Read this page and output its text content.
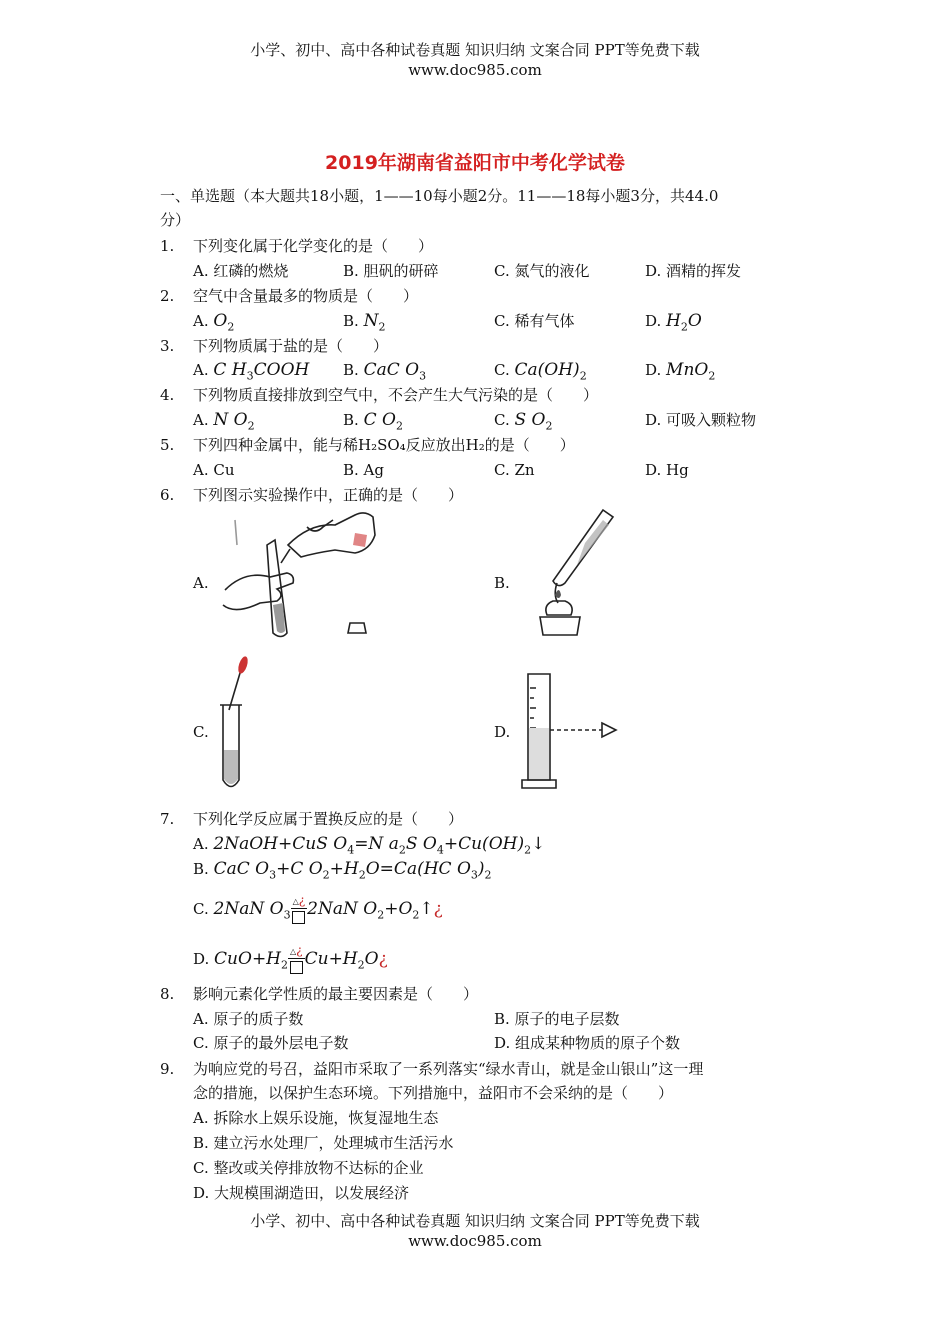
小学、初中、高中各种试卷真题 知识归纳 文案合同 PPT等免费下载
www.doc985.com
2019年湖南省益阳市中考化学试卷
一、单选题（本大题共18小题，1——10每小题2分。11——18每小题3分，共44.0
分）
1. 下列变化属于化学变化的是（　　）
A. 红磷的燃烧	B. 胆矾的研碎	C. 氮气的液化	D. 酒精的挥发
2. 空气中含量最多的物质是（　　）
A. $O_2$	B. $N_2$	C. 稀有气体	D. $H_2O$
3. 下列物质属于盐的是（　　）
A. C $H_3COOH$ B. CaC $O_3$	C. $Ca(OH)_2$	D. MnO$_2$
4. 下列物质直接排放到空气中，不会产生大气污染的是（　　）
A. N $O_2$	B. C $O_2$	C. S $O_2$	D. 可吸入颗粒物
5. 下列四种金属中，能与稀H₂SO₄反应放出H₂的是（　　）
A. Cu	B. Ag	C. Zn	D. Hg
6. 下列图示实验操作中，正确的是（　　）
A.	B.
C.	D.
7. 下列化学反应属于置换反应的是（　　）
A. 2NaOH+CuS $O_4=N$ $a_2S$ $O_4+Cu(OH)_2↓$
B. CaC $O_3+C$ $O_2+H_2O=Ca(HC$ $O_3)_2$
C. 2NaN $O_3$
△¿ 2NaN $O_2+O_2↑¿$
D. $CuO+H_2$
△¿ $Cu+H_2O¿$
8. 影响元素化学性质的最主要因素是（　　）
A. 原子的质子数	B. 原子的电子层数
C. 原子的最外层电子数	D. 组成某种物质的原子个数
9. 为响应党的号召，益阳市采取了一系列落实“绿水青山，就是金山银山”这一理
念的措施，以保护生态环境。下列措施中，益阳市不会采纳的是（　　）
A. 拆除水上娱乐设施，恢复湿地生态
B. 建立污水处理厂，处理城市生活污水
C. 整改或关停排放物不达标的企业
D. 大规模围湖造田，以发展经济
小学、初中、高中各种试卷真题 知识归纳 文案合同 PPT等免费下载
www.doc985.com
